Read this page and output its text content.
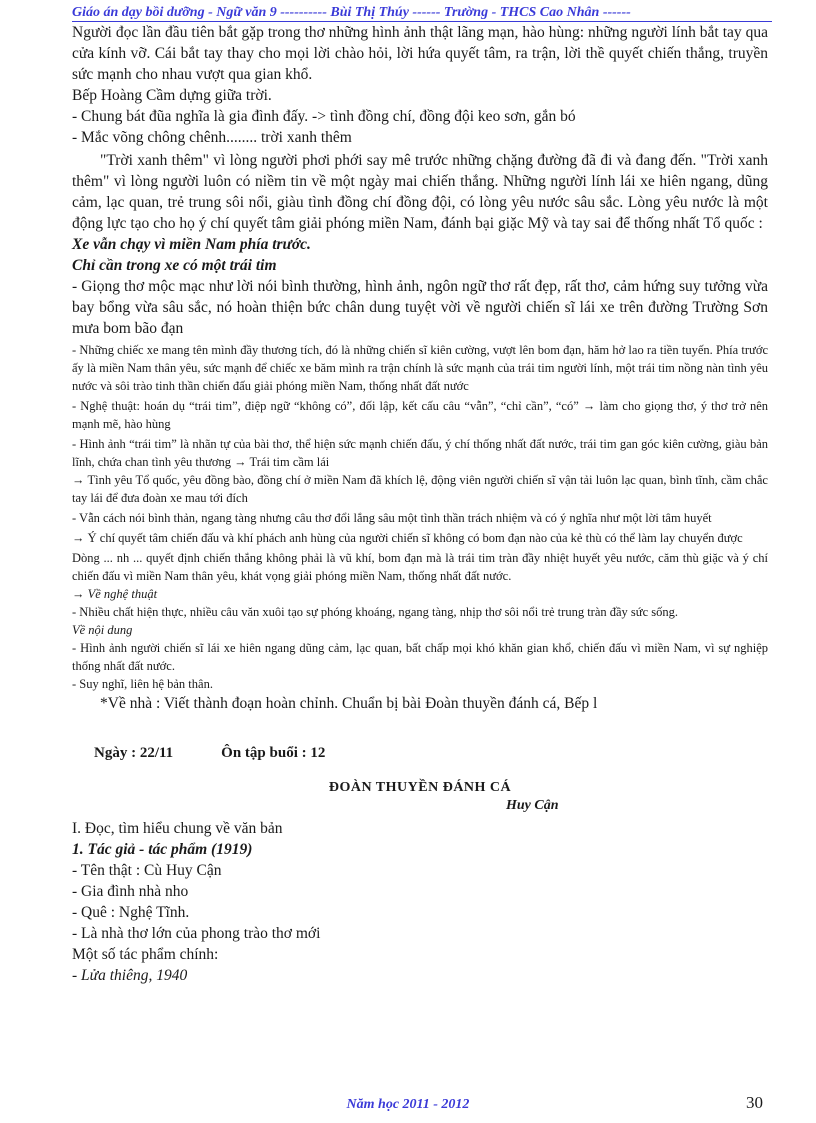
Giáo án dạy bồi dưỡng - Ngữ văn 9 ---------- Bùi Thị Thúy ------ Trường - THCS Cao Nhân ------

Người đọc lần đầu tiên bắt gặp trong thơ những hình ảnh thật lãng mạn, hào hùng: những người lính bắt tay qua cửa kính vỡ. Cái bắt tay thay cho mọi lời chào hỏi, lời hứa quyết tâm, ra trận, lời thề quyết chiến thắng, truyền sức mạnh cho nhau vượt qua gian khổ.

Bếp Hoàng Cầm dựng giữa trời.

- Chung bát đũa nghĩa là gia đình đấy. -> tình đồng chí, đồng đội keo sơn, gắn bó

- Mắc võng chông chênh........ trời xanh thêm

"Trời xanh thêm" vì lòng người phơi phới say mê trước những chặng đường đã đi và đang đến. "Trời xanh thêm" vì lòng người luôn có niềm tin về một ngày mai chiến thắng. Những người lính lái xe hiên ngang, dũng cảm, lạc quan, trẻ trung sôi nổi, giàu tình đồng chí đồng đội, có lòng yêu nước sâu sắc. Lòng yêu nước là một động lực tạo cho họ ý chí quyết tâm giải phóng miền Nam, đánh bại giặc Mỹ và tay sai để thống nhất Tổ quốc :

Xe vẫn chạy vì miền Nam phía trước.

Chỉ cần trong xe có một trái tim

- Giọng thơ mộc mạc như lời nói bình thường, hình ảnh, ngôn ngữ thơ rất đẹp, rất thơ, cảm hứng suy tưởng vừa bay bổng vừa sâu sắc, nó hoàn thiện bức chân dung tuyệt vời về người chiến sĩ lái xe trên đường Trường Sơn mưa bom bão đạn

- Những chiếc xe mang tên mình đầy thương tích, đó là những chiến sĩ kiên cường, vượt lên bom đạn, hăm hở lao ra tiền tuyến. Phía trước ấy là miền Nam thân yêu, sức mạnh để chiếc xe băm mình ra trận chính là sức mạnh của trái tim người lính, một trái tim nồng nàn tình yêu nước và sôi trào tinh thần chiến đấu giải phóng miền Nam, thống nhất đất nước

- Nghệ thuật: hoán dụ “trái tim”, điệp ngữ “không có”, đối lập, kết cấu câu “vẫn”, “chỉ cần”, “có” → làm cho giọng thơ, ý thơ trở nên mạnh mẽ, hào hùng

- Hình ảnh “trái tim” là nhãn tự của bài thơ, thể hiện sức mạnh chiến đấu, ý chí thống nhất đất nước, trái tim gan góc kiên cường, giàu bản lĩnh, chứa chan tình yêu thương → Trái tim cầm lái

→ Tình yêu Tổ quốc, yêu đồng bào, đồng chí ở miền Nam đã khích lệ, động viên người chiến sĩ vận tải luôn lạc quan, bình tĩnh, cầm chắc tay lái để đưa đoàn xe mau tới đích

- Vẫn cách nói bình thản, ngang tàng nhưng câu thơ đổi lắng sâu một tình thần trách nhiệm và có ý nghĩa như một lời tâm huyết

→ Ý chí quyết tâm chiến đấu và khí phách anh hùng của người chiến sĩ không có bom đạn nào của kẻ thù có thể làm lay chuyển được

Dòng ... nh ... quyết định chiến thắng không phải là vũ khí, bom đạn mà là trái tim tràn đầy nhiệt huyết yêu nước, căm thù giặc và ý chí chiến đấu vì miền Nam thân yêu, khát vọng giải phóng miền Nam, thống nhất đất nước.

→ Về nghệ thuật

- Nhiều chất hiện thực, nhiều câu văn xuôi tạo sự phóng khoáng, ngang tàng, nhịp thơ sôi nổi trẻ trung tràn đầy sức sống.

Về nội dung

- Hình ảnh người chiến sĩ lái xe hiên ngang dũng cảm, lạc quan, bất chấp mọi khó khăn gian khổ, chiến đấu vì miền Nam, vì sự nghiệp thống nhất đất nước.

- Suy nghĩ, liên hệ bản thân.

*Về nhà : Viết thành đoạn hoàn chỉnh. Chuẩn bị bài Đoàn thuyền đánh cá, Bếp l

Ngày : 22/11	Ôn tập buổi : 12

ĐOÀN THUYỀN ĐÁNH CÁ

Huy Cận

I. Đọc, tìm hiểu chung về văn bản

1. Tác giả - tác phẩm (1919)

- Tên thật : Cù Huy Cận

- Gia đình nhà nho

- Quê : Nghệ Tĩnh.

- Là nhà thơ lớn của phong trào thơ mới

Một số tác phẩm chính:

- Lửa thiêng, 1940

Năm học 2011 - 2012	30
